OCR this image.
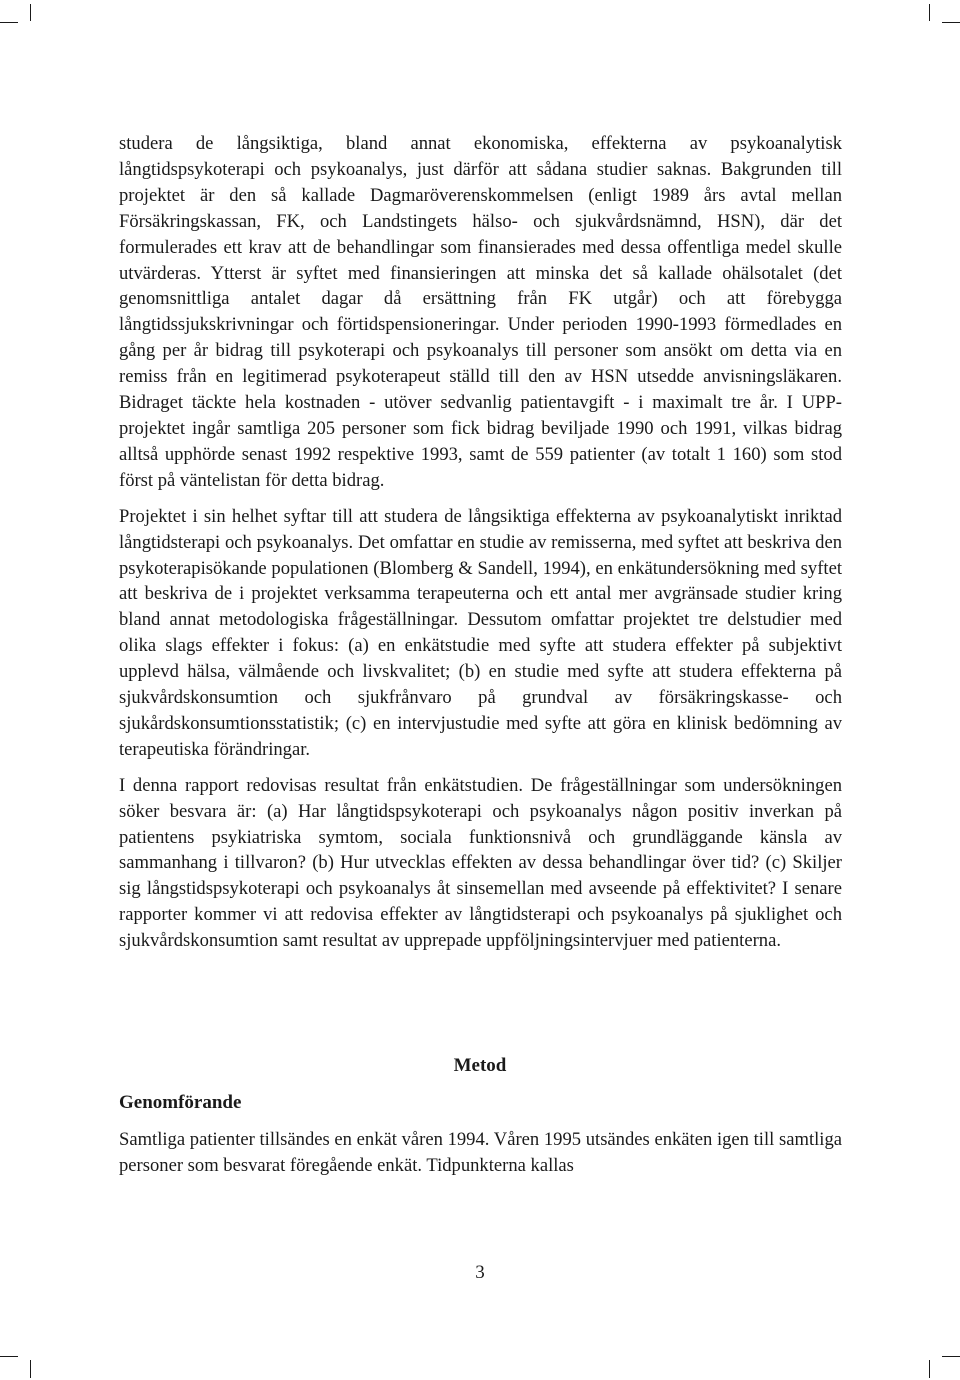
studera de långsiktiga, bland annat ekonomiska, effekterna av psykoanalytisk långtidspsykoterapi och psykoanalys, just därför att sådana studier saknas. Bakgrunden till projektet är den så kallade Dagmaröverenskommelsen (enligt 1989 års avtal mellan Försäkringskassan, FK, och Landstingets hälso- och sjukvårdsnämnd, HSN), där det formulerades ett krav att de behandlingar som finansierades med dessa offentliga medel skulle utvärderas. Ytterst är syftet med finansieringen att minska det så kallade ohälsotalet (det genomsnittliga antalet dagar då ersättning från FK utgår) och att förebygga långtidssjukskrivningar och förtidspensioneringar. Under perioden 1990-1993 förmedlades en gång per år bidrag till psykoterapi och psykoanalys till personer som ansökt om detta via en remiss från en legitimerad psykoterapeut ställd till den av HSN utsedde anvisningsläkaren. Bidraget täckte hela kostnaden - utöver sedvanlig patientavgift - i maximalt tre år. I UPP-projektet ingår samtliga 205 personer som fick bidrag beviljade 1990 och 1991, vilkas bidrag alltså upphörde senast 1992 respektive 1993, samt de 559 patienter (av totalt 1 160) som stod först på väntelistan för detta bidrag.

Projektet i sin helhet syftar till att studera de långsiktiga effekterna av psykoanalytiskt inriktad långtidsterapi och psykoanalys. Det omfattar en studie av remisserna, med syftet att beskriva den psykoterapisökande populationen (Blomberg & Sandell, 1994), en enkätundersökning med syftet att beskriva de i projektet verksamma terapeuterna och ett antal mer avgränsade studier kring bland annat metodologiska frågeställningar. Dessutom omfattar projektet tre delstudier med olika slags effekter i fokus: (a) en enkätstudie med syfte att studera effekter på subjektivt upplevd hälsa, välmående och livskvalitet; (b) en studie med syfte att studera effekterna på sjukvårdskonsumtion och sjukfrånvaro på grundval av försäkringskasse- och sjukårdskonsumtionsstatistik; (c) en intervjustudie med syfte att göra en klinisk bedömning av terapeutiska förändringar.

I denna rapport redovisas resultat från enkätstudien. De frågeställningar som undersökningen söker besvara är: (a) Har långtidspsykoterapi och psykoanalys någon positiv inverkan på patientens psykiatriska symtom, sociala funktionsnivå och grundläggande känsla av sammanhang i tillvaron? (b) Hur utvecklas effekten av dessa behandlingar över tid? (c) Skiljer sig långstidspsykoterapi och psykoanalys åt sinsemellan med avseende på effektivitet? I senare rapporter kommer vi att redovisa effekter av långtidsterapi och psykoanalys på sjuklighet och sjukvårdskonsumtion samt resultat av upprepade uppföljningsintervjuer med patienterna.

Metod
Genomförande

Samtliga patienter tillsändes en enkät våren 1994. Våren 1995 utsändes enkäten igen till samtliga personer som besvarat föregående enkät. Tidpunkterna kallas

3
